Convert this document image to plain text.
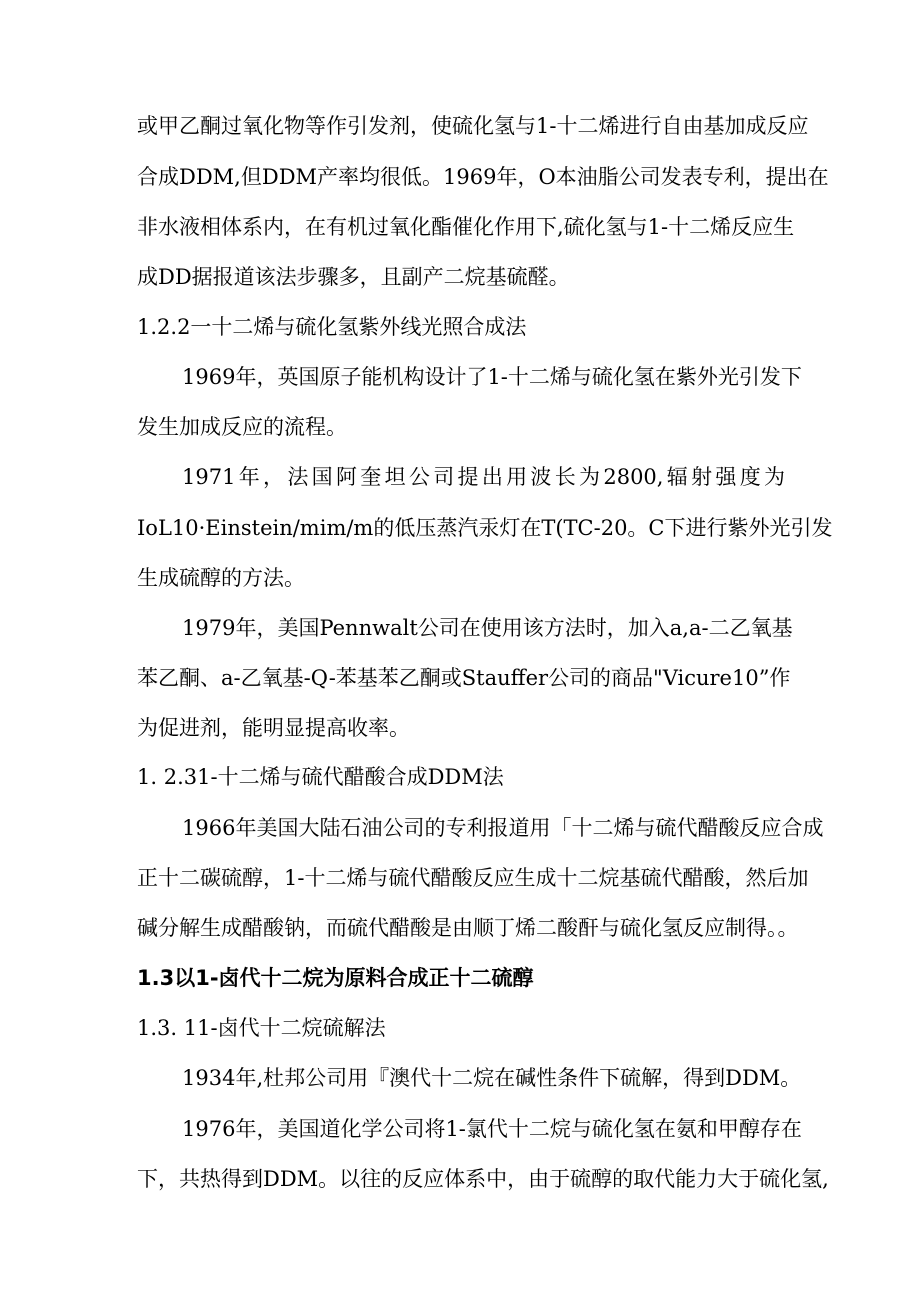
或甲乙酮过氧化物等作引发剂，使硫化氢与1-十二烯进行自由基加成反应
合成DDM,但DDM产率均很低。1969年，O本油脂公司发表专利，提出在
非水液相体系内，在有机过氧化酯催化作用下,硫化氢与1-十二烯反应生
成DD据报道该法步骤多，且副产二烷基硫醛。
1.2.2一十二烯与硫化氢紫外线光照合成法
1969年，英国原子能机构设计了1-十二烯与硫化氢在紫外光引发下
发生加成反应的流程。
1971年，法国阿奎坦公司提出用波长为2800,辐射强度为
IoL10·Einstein/mim/m的低压蒸汽汞灯在T(TC-20。C下进行紫外光引发
生成硫醇的方法。
1979年，美国Pennwalt公司在使用该方法时，加入a,a-二乙氧基
苯乙酮、a-乙氧基-Q-苯基苯乙酮或Stauffer公司的商品"Vicure10”作
为促进剂，能明显提高收率。
1. 2.31-十二烯与硫代醋酸合成DDM法
1966年美国大陆石油公司的专利报道用「十二烯与硫代醋酸反应合成
正十二碳硫醇，1-十二烯与硫代醋酸反应生成十二烷基硫代醋酸，然后加
碱分解生成醋酸钠，而硫代醋酸是由顺丁烯二酸酐与硫化氢反应制得。。
1.3以1-卤代十二烷为原料合成正十二硫醇
1.3. 11-卤代十二烷硫解法
1934年,杜邦公司用『澳代十二烷在碱性条件下硫解，得到DDM。
1976年，美国道化学公司将1-氯代十二烷与硫化氢在氨和甲醇存在
下，共热得到DDM。以往的反应体系中，由于硫醇的取代能力大于硫化氢,
